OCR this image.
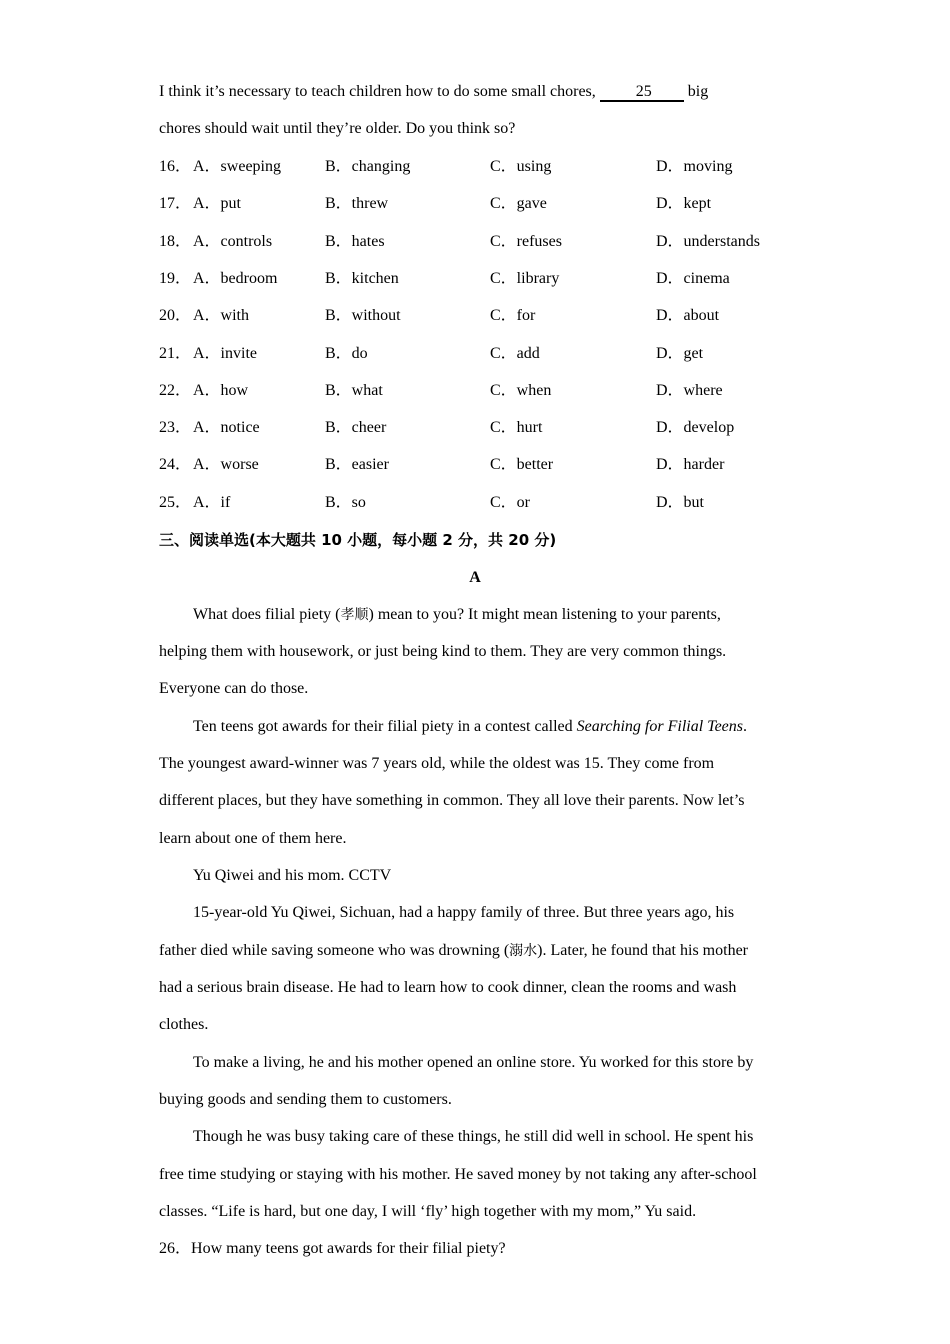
I think it’s necessary to teach children how to do some small chores,          25         big
chores should wait until they’re older. Do you think so?
16． A．sweeping	B．changing	C．using	D．moving
17． A．put	B．threw	C．gave	D．kept
18． A．controls	B．hates	C．refuses	D．understands
19． A．bedroom	B．kitchen	C．library	D．cinema
20． A．with	B．without	C．for	D．about
21． A．invite	B．do	C．add	D．get
22． A．how	B．what	C．when	D．where
23． A．notice	B．cheer	C．hurt	D．develop
24． A．worse	B．easier	C．better	D．harder
25． A．if	B．so	C．or	D．but
三、阅读单选(本大题共 10 小题，每小题 2 分，共 20 分)
A
What does filial piety (孝顺) mean to you? It might mean listening to your parents,
helping them with housework, or just being kind to them. They are very common things.
Everyone can do those.
Ten teens got awards for their filial piety in a contest called Searching for Filial Teens.
The youngest award-winner was 7 years old, while the oldest was 15. They come from
different places, but they have something in common. They all love their parents. Now let’s
learn about one of them here.
Yu Qiwei and his mom. CCTV
15-year-old Yu Qiwei, Sichuan, had a happy family of three. But three years ago, his
father died while saving someone who was drowning (溺水). Later, he found that his mother
had a serious brain disease. He had to learn how to cook dinner, clean the rooms and wash
clothes.
To make a living, he and his mother opened an online store. Yu worked for this store by
buying goods and sending them to customers.
Though he was busy taking care of these things, he still did well in school. He spent his
free time studying or staying with his mother. He saved money by not taking any after-school
classes. “Life is hard, but one day, I will ‘fly’ high together with my mom,” Yu said.
26．How many teens got awards for their filial piety?
